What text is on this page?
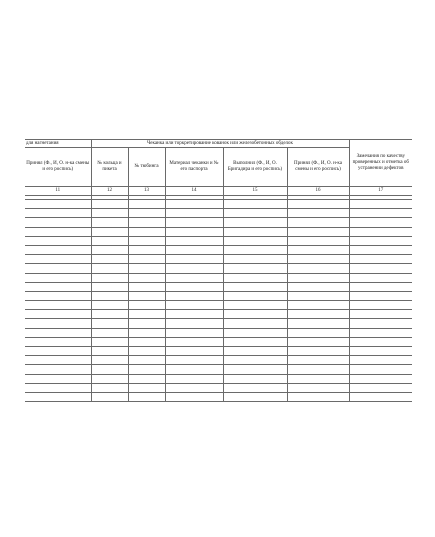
для нагнетания	Чеканка или торкретирование кованок или железобетонных обделок					Замечания по качеству проверенных и отметка об устранении дефектов
Принял (Ф., И, О. н-ка смены и его роспись)	№ кольца и пикета	№ тюбинга	Материал чеканки и № его паспорта	Выполнил (Ф., И, О. Бригадира и его роспись)	Принял (Ф., И, О. н-ка смены и его роспись)	
11	12	13	14	15	16	17
